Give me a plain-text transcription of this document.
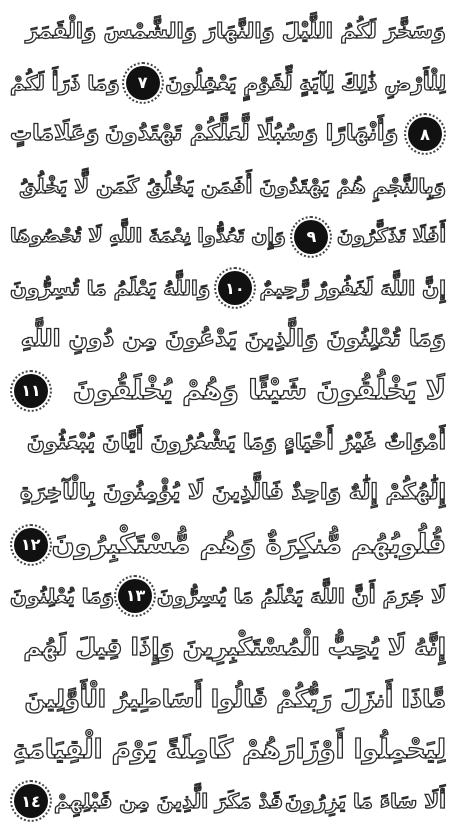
وَسَخَّرَ لَكُمُ اللَّيْلَ وَالنَّهَارَ وَالشَّمْسَ وَالْقَمَرَ
لِلْأَرْضِ ذَٰلِكَ لِآيَةٍ لِّقَوْمٍ يَعْقِلُونَ
٧
وَمَا ذَرَأَ لَكُمْ
٨
وَأَنْهَارًا وَسُبُلًا لَّعَلَّكُمْ تَهْتَدُونَ
وَعَلَامَاتٍ
وَبِالنَّجْمِ هُمْ يَهْتَدُونَ أَفَمَن يَخْلُقُ كَمَن لَّا يَخْلُقُ
أَفَلَا تَذَكَّرُونَ
٩
وَإِن تَعُدُّوا نِعْمَةَ اللَّهِ لَا تُحْصُوهَا
إِنَّ اللَّهَ لَغَفُورٌ رَّحِيمٌ
١٠
وَاللَّهُ يَعْلَمُ مَا تُسِرُّونَ
وَمَا تُعْلِنُونَ وَالَّذِينَ يَدْعُونَ مِن دُونِ اللَّهِ
لَا يَخْلُقُونَ شَيْئًا وَهُمْ يُخْلَقُونَ
١١
أَمْوَاتٌ غَيْرُ أَحْيَاءٍ وَمَا يَشْعُرُونَ أَيَّانَ يُبْعَثُونَ
إِلَٰهُكُمْ إِلَٰهٌ وَاحِدٌ فَالَّذِينَ لَا يُؤْمِنُونَ بِالْآخِرَةِ
قُلُوبُهُم مُّنكِرَةٌ وَهُم مُّسْتَكْبِرُونَ
١٢
لَا جَرَمَ أَنَّ اللَّهَ يَعْلَمُ مَا يُسِرُّونَ
١٣
وَمَا يُعْلِنُونَ
إِنَّهُ لَا يُحِبُّ الْمُسْتَكْبِرِينَ وَإِذَا قِيلَ لَهُم
مَّاذَا أَنزَلَ رَبُّكُمْ قَالُوا أَسَاطِيرُ الْأَوَّلِينَ
لِيَحْمِلُوا أَوْزَارَهُمْ كَامِلَةً يَوْمَ الْقِيَامَةِ
أَلَا سَاءَ مَا يَزِرُونَ
قَدْ مَكَرَ الَّذِينَ مِن قَبْلِهِمْ
١٤
